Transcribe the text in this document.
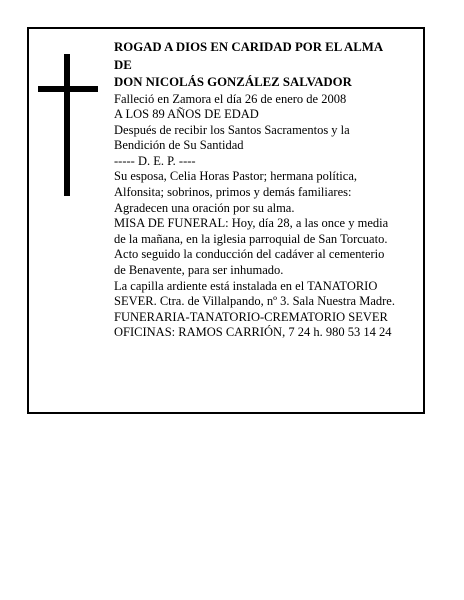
ROGAD A DIOS EN CARIDAD POR EL ALMA
DE
DON NICOLÁS GONZÁLEZ SALVADOR
Falleció en Zamora el día 26 de enero de 2008
A LOS 89 AÑOS DE EDAD
Después de recibir los Santos Sacramentos y la
Bendición de Su Santidad
----- D. E. P. ----
Su esposa, Celia Horas Pastor; hermana política,
Alfonsita; sobrinos, primos y demás familiares:
Agradecen una oración por su alma.
MISA DE FUNERAL: Hoy, día 28, a las once y media
de la mañana, en la iglesia parroquial de San Torcuato.
Acto seguido la conducción del cadáver al cementerio
de Benavente, para ser inhumado.
La capilla ardiente está instalada en el TANATORIO
SEVER. Ctra. de Villalpando, nº 3. Sala Nuestra Madre.
FUNERARIA-TANATORIO-CREMATORIO SEVER
OFICINAS: RAMOS CARRIÓN, 7 24 h. 980 53 14 24
